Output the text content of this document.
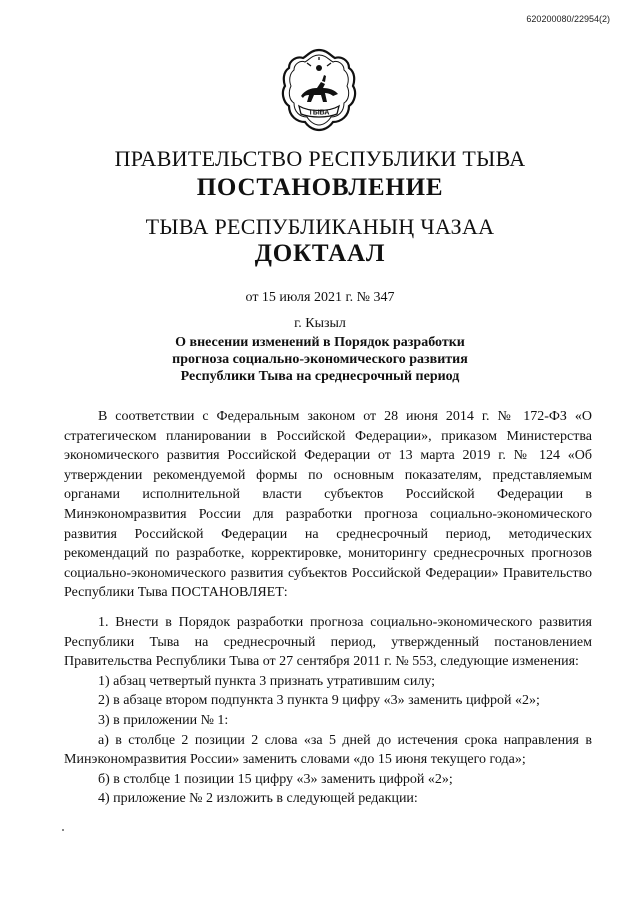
620200080/22954(2)
ТЫВА
ПРАВИТЕЛЬСТВО РЕСПУБЛИКИ ТЫВА
ПОСТАНОВЛЕНИЕ
ТЫВА РЕСПУБЛИКАНЫҢ ЧАЗАА
ДОКТААЛ
от 15 июля 2021 г. № 347
г. Кызыл
О внесении изменений в Порядок разработки
прогноза социально-экономического развития
Республики Тыва на среднесрочный период

В соответствии с Федеральным законом от 28 июня 2014 г. № 172-ФЗ «О стратегическом планировании в Российской Федерации», приказом Министерства экономического развития Российской Федерации от 13 марта 2019 г. № 124 «Об утверждении рекомендуемой формы по основным показателям, представляемым органами исполнительной власти субъектов Российской Федерации в Минэкономразвития России для разработки прогноза социально-экономического развития Российской Федерации на среднесрочный период, методических рекомендаций по разработке, корректировке, мониторингу среднесрочных прогнозов социально-экономического развития субъектов Российской Федерации» Правительство Республики Тыва ПОСТАНОВЛЯЕТ:

1. Внести в Порядок разработки прогноза социально-экономического развития Республики Тыва на среднесрочный период, утвержденный постановлением Правительства Республики Тыва от 27 сентября 2011 г. № 553, следующие изменения:

1) абзац четвертый пункта 3 признать утратившим силу;

2) в абзаце втором подпункта 3 пункта 9 цифру «3» заменить цифрой «2»;

3) в приложении № 1:

а) в столбце 2 позиции 2 слова «за 5 дней до истечения срока направления в Минэкономразвития России» заменить словами «до 15 июня текущего года»;

б) в столбце 1 позиции 15 цифру «3» заменить цифрой «2»;

4) приложение № 2 изложить в следующей редакции:
